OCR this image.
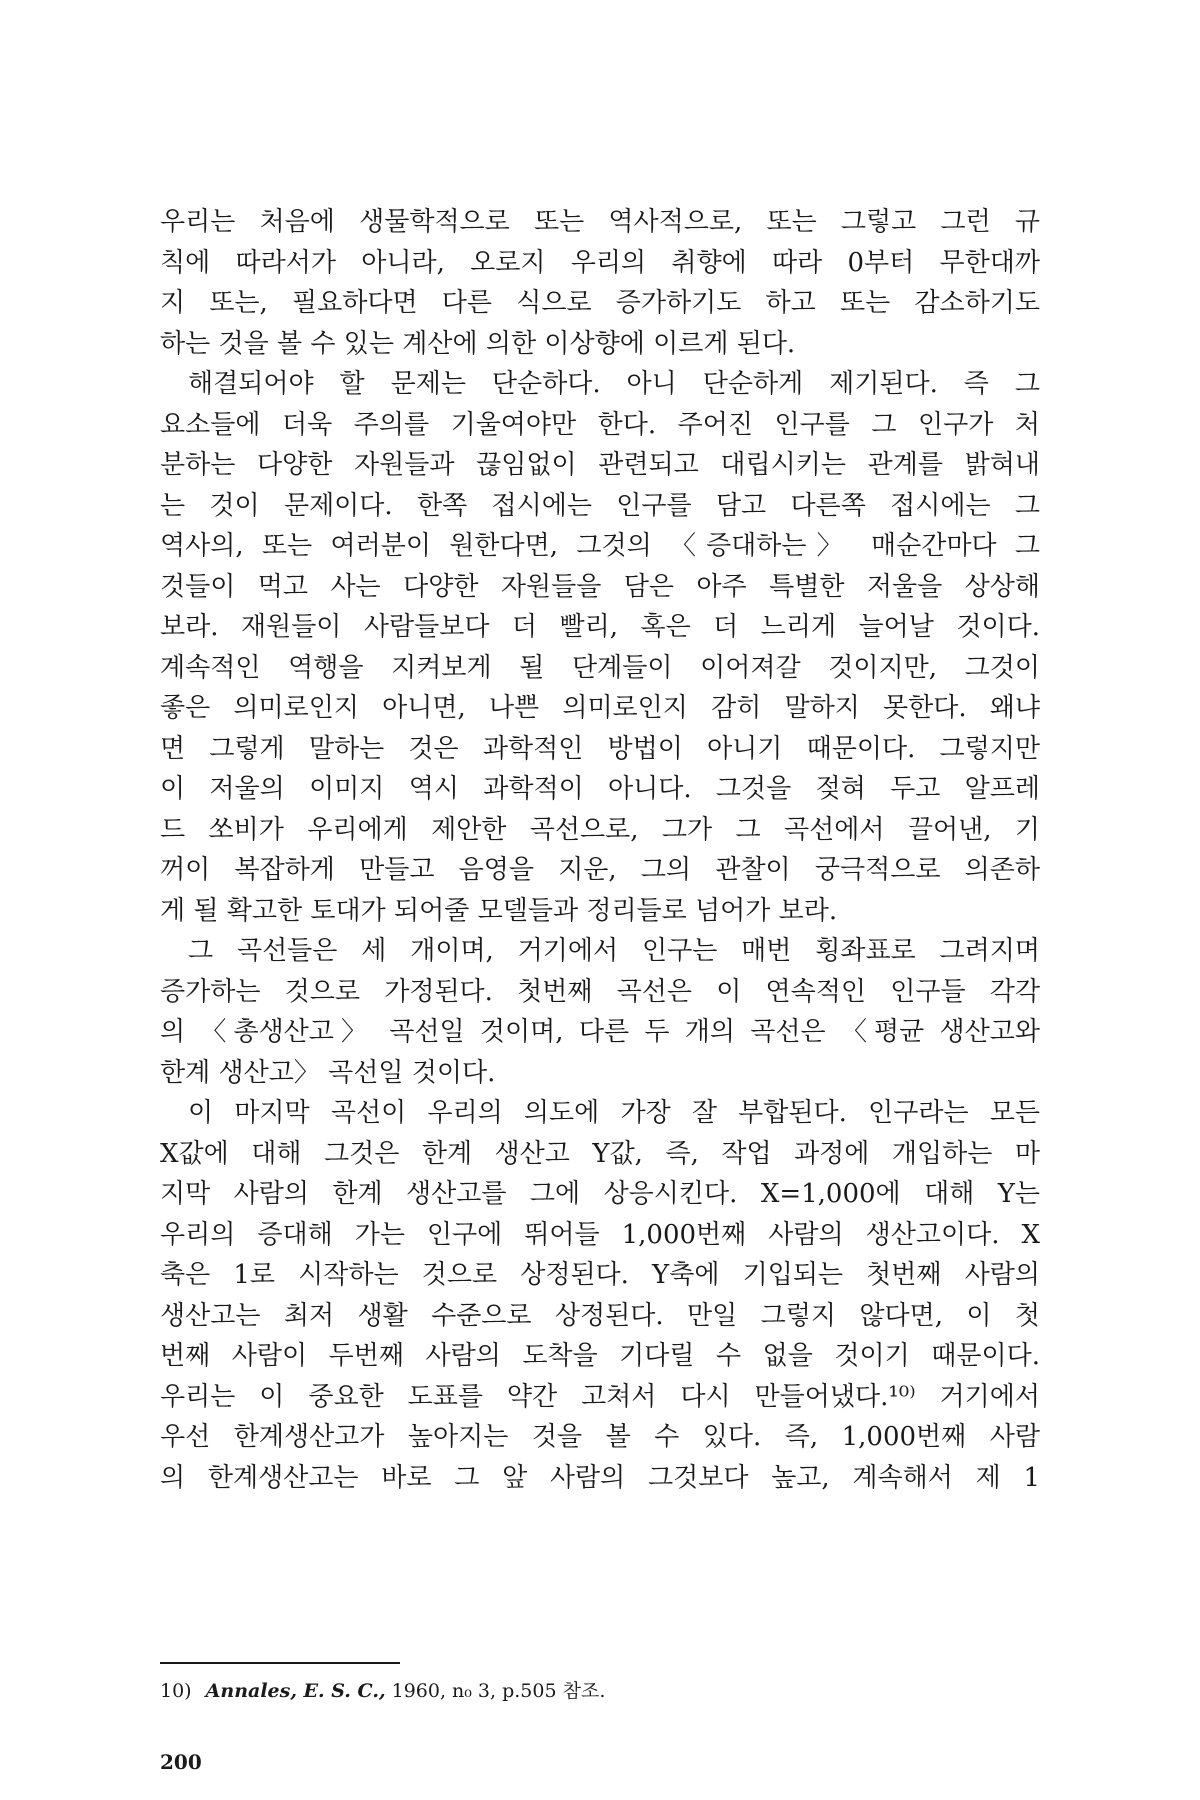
우리는 처음에 생물학적으로 또는 역사적으로, 또는 그렇고 그런 규
칙에 따라서가 아니라, 오로지 우리의 취향에 따라 0부터 무한대까
지 또는, 필요하다면 다른 식으로 증가하기도 하고 또는 감소하기도
하는 것을 볼 수 있는 계산에 의한 이상향에 이르게 된다.
해결되어야 할 문제는 단순하다. 아니 단순하게 제기된다. 즉 그
요소들에 더욱 주의를 기울여야만 한다. 주어진 인구를 그 인구가 처
분하는 다양한 자원들과 끊임없이 관련되고 대립시키는 관계를 밝혀내
는 것이 문제이다. 한쪽 접시에는 인구를 담고 다른쪽 접시에는 그
역사의, 또는 여러분이 원한다면, 그것의 〈증대하는〉 매순간마다 그
것들이 먹고 사는 다양한 자원들을 담은 아주 특별한 저울을 상상해
보라. 재원들이 사람들보다 더 빨리, 혹은 더 느리게 늘어날 것이다.
계속적인 역행을 지켜보게 될 단계들이 이어져갈 것이지만, 그것이
좋은 의미로인지 아니면, 나쁜 의미로인지 감히 말하지 못한다. 왜냐
면 그렇게 말하는 것은 과학적인 방법이 아니기 때문이다. 그렇지만
이 저울의 이미지 역시 과학적이 아니다. 그것을 젖혀 두고 알프레
드 쏘비가 우리에게 제안한 곡선으로, 그가 그 곡선에서 끌어낸, 기
꺼이 복잡하게 만들고 음영을 지운, 그의 관찰이 궁극적으로 의존하
게 될 확고한 토대가 되어줄 모델들과 정리들로 넘어가 보라.
그 곡선들은 세 개이며, 거기에서 인구는 매번 횡좌표로 그려지며
증가하는 것으로 가정된다. 첫번째 곡선은 이 연속적인 인구들 각각
의 〈총생산고〉 곡선일 것이며, 다른 두 개의 곡선은 〈평균 생산고와
한계 생산고〉 곡선일 것이다.
이 마지막 곡선이 우리의 의도에 가장 잘 부합된다. 인구라는 모든
X값에 대해 그것은 한계 생산고 Y값, 즉, 작업 과정에 개입하는 마
지막 사람의 한계 생산고를 그에 상응시킨다. X=1,000에 대해 Y는
우리의 증대해 가는 인구에 뛰어들 1,000번째 사람의 생산고이다. X
축은 1로 시작하는 것으로 상정된다. Y축에 기입되는 첫번째 사람의
생산고는 최저 생활 수준으로 상정된다. 만일 그렇지 않다면, 이 첫
번째 사람이 두번째 사람의 도착을 기다릴 수 없을 것이기 때문이다.
우리는 이 중요한 도표를 약간 고쳐서 다시 만들어냈다.¹⁰⁾ 거기에서
우선 한계생산고가 높아지는 것을 볼 수 있다. 즉, 1,000번째 사람
의 한계생산고는 바로 그 앞 사람의 그것보다 높고, 계속해서 제 1
10) Annales, E. S. C., 1960, n₀ 3, p.505 참조.
200
